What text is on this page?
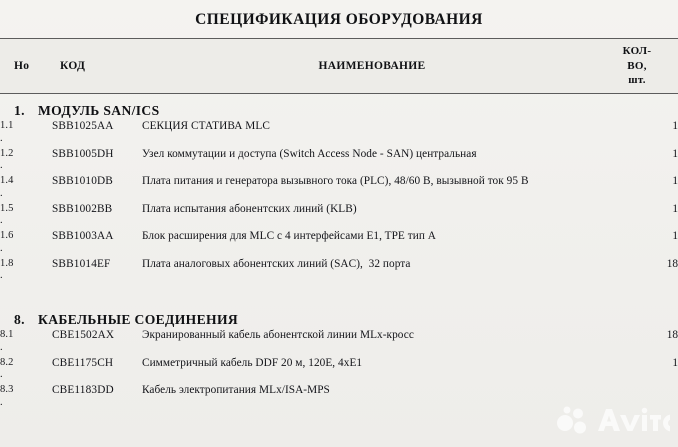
СПЕЦИФИКАЦИЯ ОБОРУДОВАНИЯ
Но	КОД	НАИМЕНОВАНИЕ	КОЛ-
ВО,
шт.

1. МОДУЛЬ SAN/ICS			

1.1
.	SBB1025AA	СЕКЦИЯ СТАТИВА MLC	1

1.2
.	SBB1005DH	Узел коммутации и доступа (Switch Access Node - SAN) центральная	1

1.4
.	SBB1010DB	Плата питания и генератора вызывного тока (PLC), 48/60 В, вызывной ток 95 В	1

1.5
.	SBB1002BB	Плата испытания абонентских линий (KLB)	1

1.6
.	SBB1003AA	Блок расширения для MLC с 4 интерфейсами E1, TPE тип A	1

1.8
.	SBB1014EF	Плата аналоговых абонентских линий (SAC),  32 порта	18

8. КАБЕЛЬНЫЕ СОЕДИНЕНИЯ			

8.1
.	CBE1502AX	Экранированный кабель абонентской линии MLx-кросс	18

8.2
.	CBE1175CH	Симметричный кабель DDF 20 м, 120E, 4xE1	1

8.3
.	CBE1183DD	Кабель электропитания MLx/ISA-MPS	
